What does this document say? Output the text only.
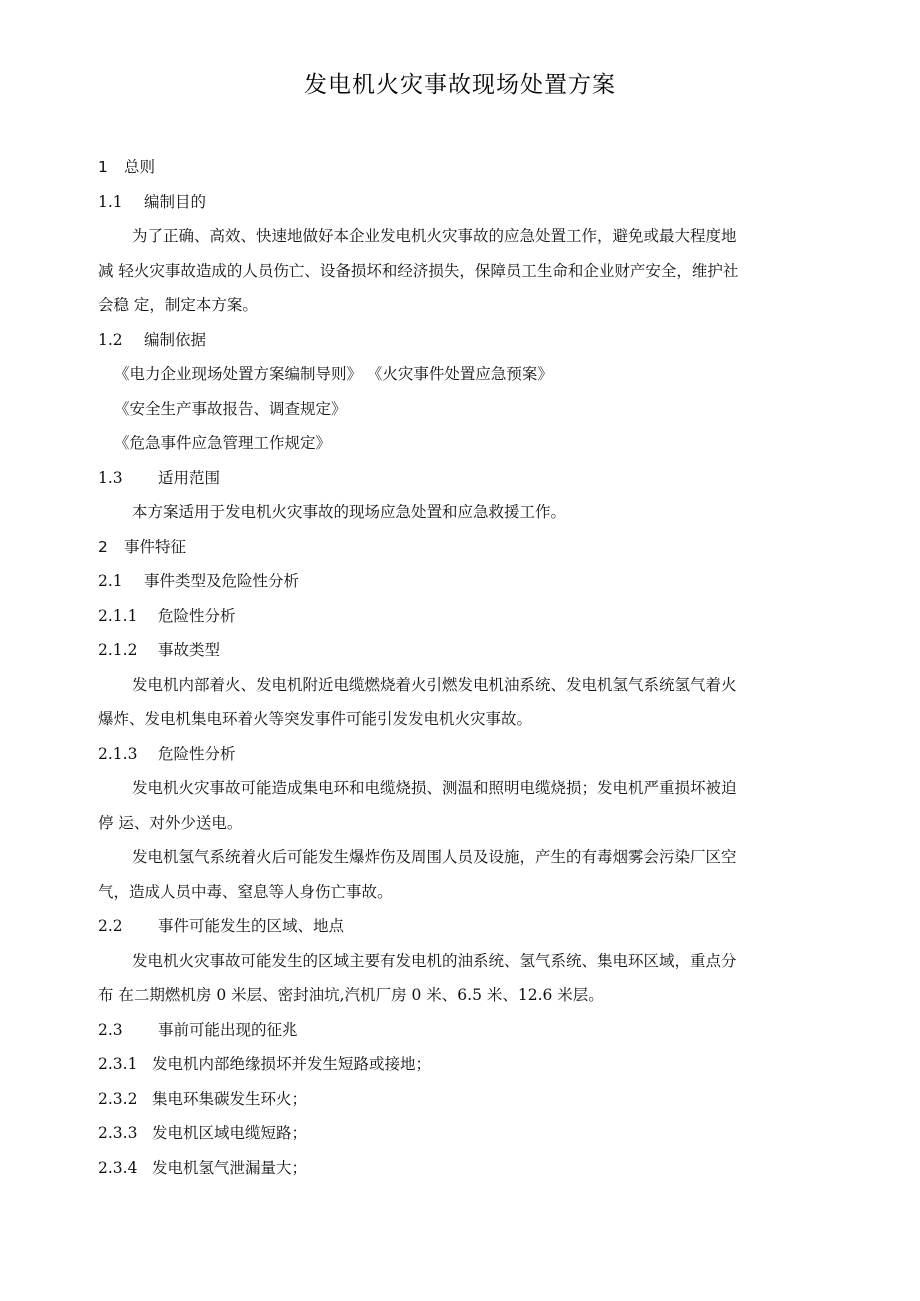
发电机火灾事故现场处置方案
1 总则
1.1 编制目的
为了正确、高效、快速地做好本企业发电机火灾事故的应急处置工作，避免或最大程度地
减 轻火灾事故造成的人员伤亡、设备损坏和经济损失，保障员工生命和企业财产安全，维护社
会稳 定，制定本方案。
1.2 编制依据
《电力企业现场处置方案编制导则》 《火灾事件处置应急预案》
《安全生产事故报告、调查规定》
《危急事件应急管理工作规定》
1.3 适用范围
本方案适用于发电机火灾事故的现场应急处置和应急救援工作。
2 事件特征
2.1 事件类型及危险性分析
2.1.1 危险性分析
2.1.2 事故类型
发电机内部着火、发电机附近电缆燃烧着火引燃发电机油系统、发电机氢气系统氢气着火
爆炸、发电机集电环着火等突发事件可能引发发电机火灾事故。
2.1.3 危险性分析
发电机火灾事故可能造成集电环和电缆烧损、测温和照明电缆烧损；发电机严重损坏被迫
停 运、对外少送电。
发电机氢气系统着火后可能发生爆炸伤及周围人员及设施，产生的有毒烟雾会污染厂区空
气，造成人员中毒、窒息等人身伤亡事故。
2.2 事件可能发生的区域、地点
发电机火灾事故可能发生的区域主要有发电机的油系统、氢气系统、集电环区域，重点分
布 在二期燃机房 0 米层、密封油坑,汽机厂房 0 米、6.5 米、12.6 米层。
2.3 事前可能出现的征兆
2.3.1 发电机内部绝缘损坏并发生短路或接地；
2.3.2 集电环集碳发生环火；
2.3.3 发电机区域电缆短路；
2.3.4 发电机氢气泄漏量大；
